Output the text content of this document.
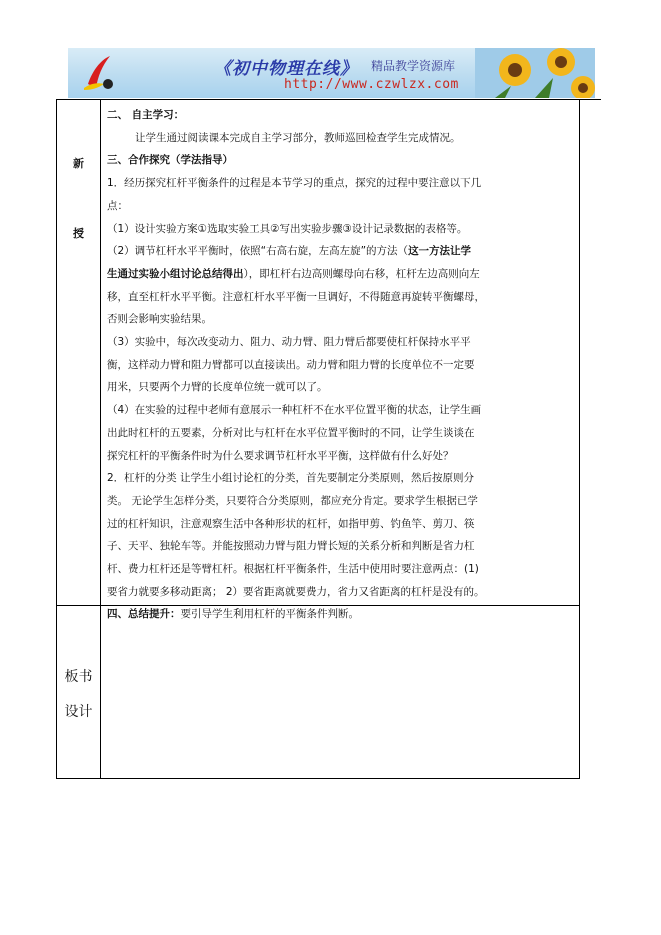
《初中物理在线》 精品教学资源库
http://www.czwlzx.com
新
授
板书
设计

二、 自主学习：

让学生通过阅读课本完成自主学习部分，教师巡回检查学生完成情况。

三、合作探究（学法指导）

1．经历探究杠杆平衡条件的过程是本节学习的重点，探究的过程中要注意以下几

点：

（1）设计实验方案①选取实验工具②写出实验步骤③设计记录数据的表格等。

（2）调节杠杆水平平衡时，依照“右高右旋，左高左旋”的方法（这一方法让学

生通过实验小组讨论总结得出），即杠杆右边高则螺母向右移，杠杆左边高则向左

移，直至杠杆水平平衡。注意杠杆水平平衡一旦调好，不得随意再旋转平衡螺母，

否则会影响实验结果。

（3）实验中，每次改变动力、阻力、动力臂、阻力臂后都要使杠杆保持水平平

衡，这样动力臂和阻力臂都可以直接读出。动力臂和阻力臂的长度单位不一定要

用米，只要两个力臂的长度单位统一就可以了。

（4）在实验的过程中老师有意展示一种杠杆不在水平位置平衡的状态，让学生画

出此时杠杆的五要素，分析对比与杠杆在水平位置平衡时的不同，让学生谈谈在

探究杠杆的平衡条件时为什么要求调节杠杆水平平衡，这样做有什么好处？

2．杠杆的分类 让学生小组讨论杠的分类，首先要制定分类原则，然后按原则分

类。 无论学生怎样分类，只要符合分类原则，都应充分肯定。要求学生根据已学

过的杠杆知识，注意观察生活中各种形状的杠杆，如指甲剪、钓鱼竿、剪刀、筷

子、天平、独轮车等。并能按照动力臂与阻力臂长短的关系分析和判断是省力杠

杆、费力杠杆还是等臂杠杆。根据杠杆平衡条件，生活中使用时要注意两点：(1)

要省力就要多移动距离； 2）要省距离就要费力，省力又省距离的杠杆是没有的。

四、总结提升：要引导学生利用杠杆的平衡条件判断。
